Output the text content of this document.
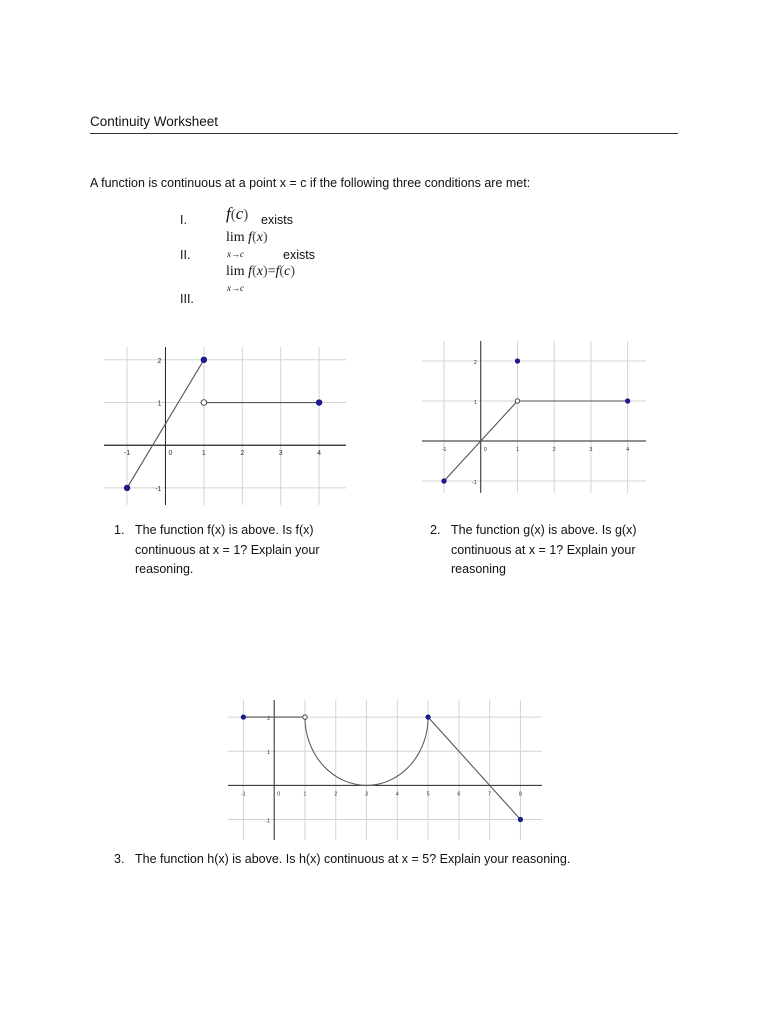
Continuity Worksheet
A function is continuous at a point x = c if the following three conditions are met:
I. f(c) exists
II.
lim f(x)
x→c	exists
III.
lim f(x)=f(c)
x→c
-1	0	1	2	3	4
-1
1
2
-1	0	1	2	3	4
-1
1
2
-1	0	1	2	3	4	5	6	7	8
-1
1
2
1. The function f(x) is above. Is f(x)
continuous at x = 1? Explain your
reasoning.
2. The function g(x) is above. Is g(x)
continuous at x = 1? Explain your
reasoning
3. The function h(x) is above. Is h(x) continuous at x = 5? Explain your reasoning.
